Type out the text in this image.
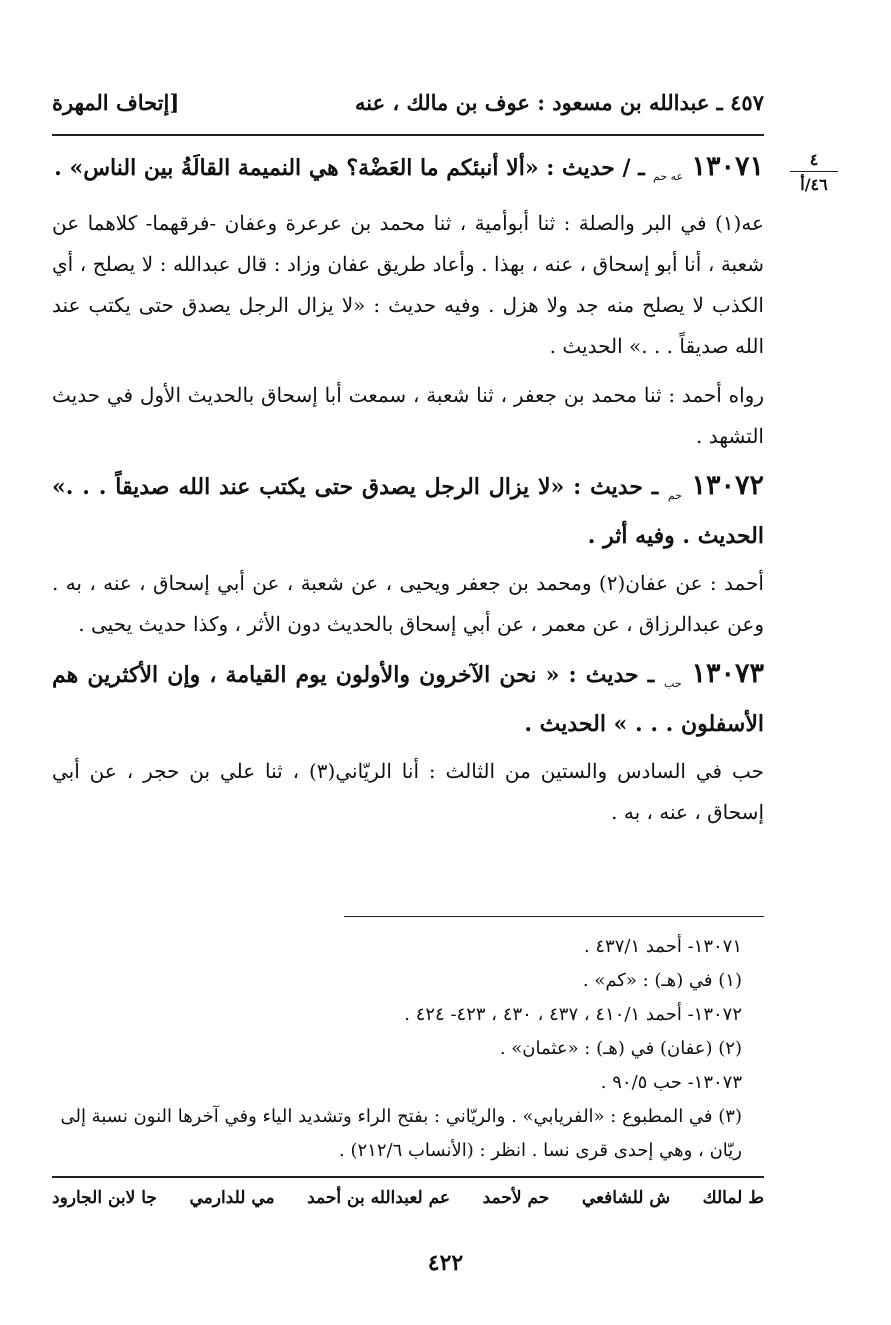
٤٥٧ ـ عبدالله بن مسعود : عوف بن مالك ، عنه
[إتحاف المهرة
٤
٤٦/أ
١٣٠٧١ $_{عه حم}$ ـ / حديث : «ألا أنبئكم ما العَضْة؟ هي النميمة القالَةُ بين الناس» .

عه(١) في البر والصلة : ثنا أبوأمية ، ثنا محمد بن عرعرة وعفان -فرقهما- كلاهما عن شعبة ، أنا أبو إسحاق ، عنه ، بهذا . وأعاد طريق عفان وزاد : قال عبدالله : لا يصلح ، أي الكذب لا يصلح منه جد ولا هزل . وفيه حديث : «لا يزال الرجل يصدق حتى يكتب عند الله صديقاً . . .» الحديث .

رواه أحمد : ثنا محمد بن جعفر ، ثنا شعبة ، سمعت أبا إسحاق بالحديث الأول في حديث التشهد .

١٣٠٧٢ $_{حم}$ ـ حديث : «لا يزال الرجل يصدق حتى يكتب عند الله صديقاً . . .» الحديث . وفيه أثر .

أحمد : عن عفان(٢) ومحمد بن جعفر ويحيى ، عن شعبة ، عن أبي إسحاق ، عنه ، به . وعن عبدالرزاق ، عن معمر ، عن أبي إسحاق بالحديث دون الأثر ، وكذا حديث يحيى .

١٣٠٧٣ $_{حب}$ ـ حديث : « نحن الآخرون والأولون يوم القيامة ، وإن الأكثرين هم الأسفلون . . . » الحديث .

حب في السادس والستين من الثالث : أنا الريّاني(٣) ، ثنا علي بن حجر ، عن أبي إسحاق ، عنه ، به .

١٣٠٧١- أحمد ٤٣٧/١ .
(١) في (هـ) : «كم» .
١٣٠٧٢- أحمد ٤١٠/١ ، ٤٣٧ ، ٤٣٠ ، ٤٢٣- ٤٢٤ .
(٢) (عفان) في (هـ) : «عثمان» .
١٣٠٧٣- حب ٩٠/٥ .
(٣) في المطبوع : «الفريابي» . والريّاني : بفتح الراء وتشديد الياء وفي آخرها النون نسبة إلى ريّان ، وهي إحدى قرى نسا . انظر : (الأنساب ٢١٢/٦) .
ط لمالك
ش للشافعي
حم لأحمد
عم لعبدالله بن أحمد
مي للدارمي
جا لابن الجارود
٤٢٢
